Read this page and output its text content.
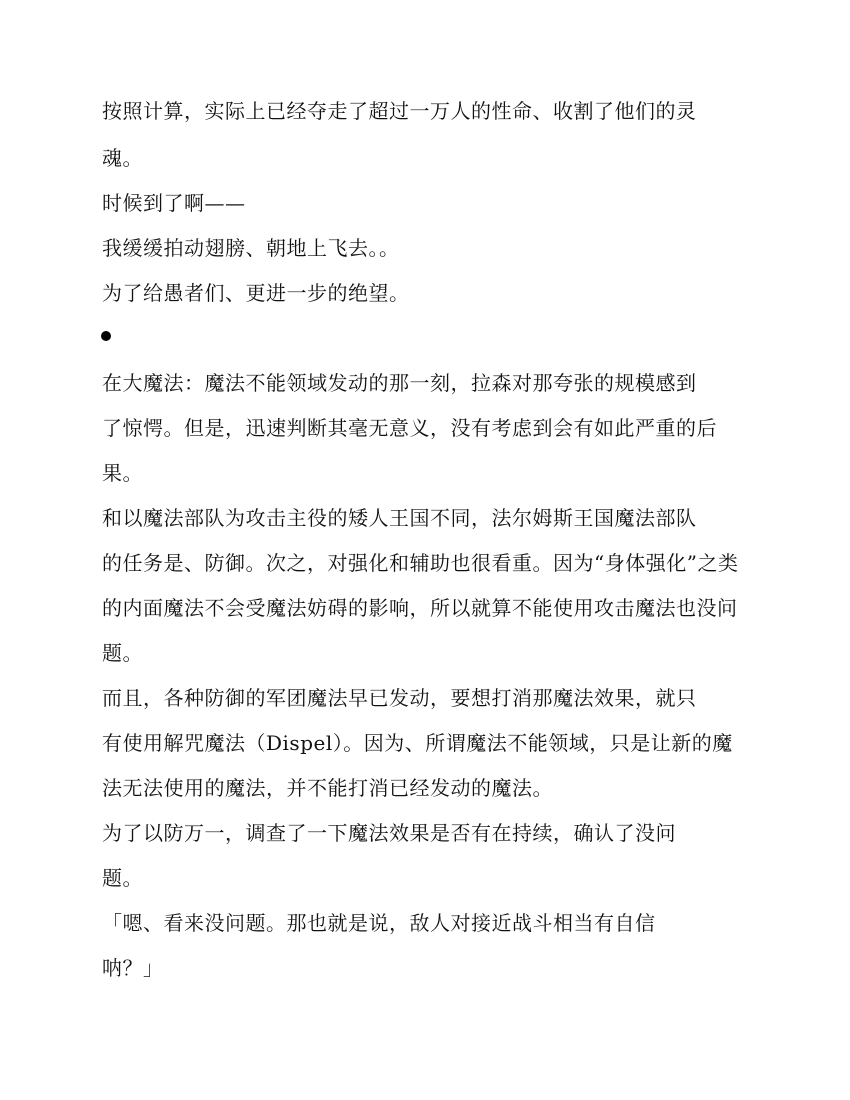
按照计算，实际上已经夺走了超过一万人的性命、收割了他们的灵
魂。
时候到了啊——
我缓缓拍动翅膀、朝地上飞去。。
为了给愚者们、更进一步的绝望。
在大魔法：魔法不能领域发动的那一刻，拉森对那夸张的规模感到
了惊愕。但是，迅速判断其毫无意义，没有考虑到会有如此严重的后
果。
和以魔法部队为攻击主役的矮人王国不同，法尔姆斯王国魔法部队
的任务是、防御。次之，对强化和辅助也很看重。因为“身体强化”之类
的内面魔法不会受魔法妨碍的影响，所以就算不能使用攻击魔法也没问
题。
而且，各种防御的军团魔法早已发动，要想打消那魔法效果，就只
有使用解咒魔法（Dispel）。因为、所谓魔法不能领域，只是让新的魔
法无法使用的魔法，并不能打消已经发动的魔法。
为了以防万一，调查了一下魔法效果是否有在持续，确认了没问
题。
「嗯、看来没问题。那也就是说，敌人对接近战斗相当有自信
呐？」
